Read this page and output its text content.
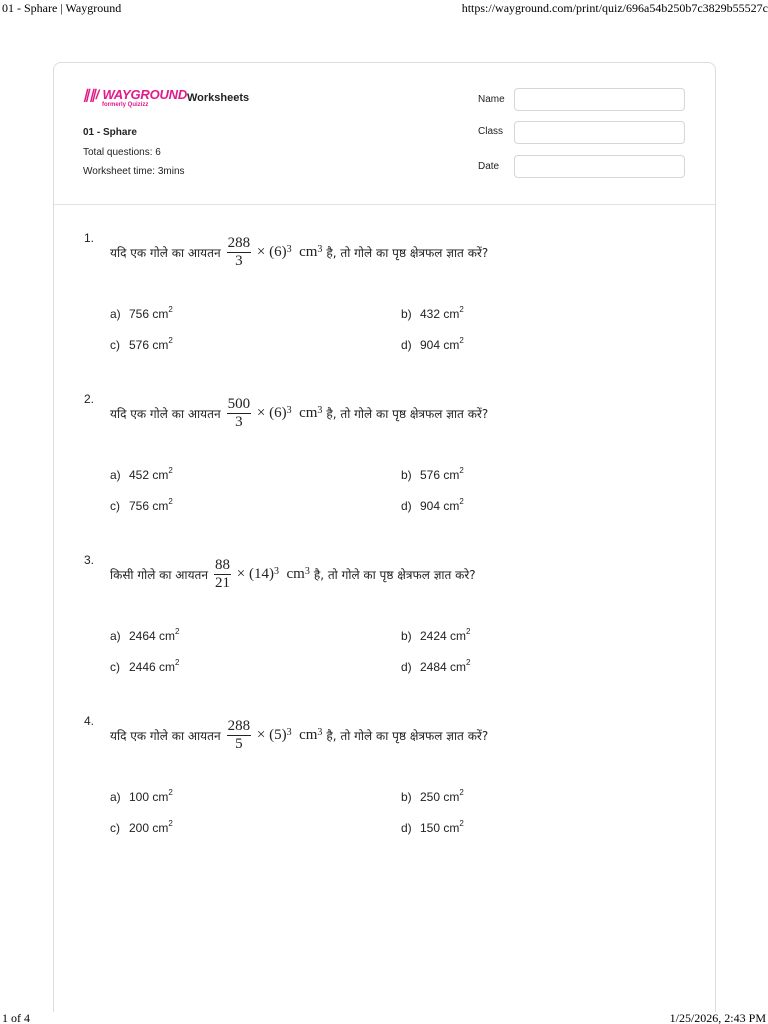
01 - Sphare | Wayground	https://wayground.com/print/quiz/696a54b250b7c3829b55527c
∥∥/ WAYGROUND
formerly Quizizz
Worksheets
01 - Sphare
Total questions: 6
Worksheet time: 3mins
Name
Class
Date
1.
यदि एक गोले का आयतन $\frac{288}{3}$
×
$(6)^3$
$cm^3$ है, तो गोले का पृष्ठ क्षेत्रफल ज्ञात करें?
a) 756 $cm^2$	b) 432 $cm^2$
c) 576 $cm^2$	d) 904 $cm^2$
2.
यदि एक गोले का आयतन $\frac{500}{3}$
×
$(6)^3$
$cm^3$ है, तो गोले का पृष्ठ क्षेत्रफल ज्ञात करें?
a) 452 $cm^2$	b) 576 $cm^2$
c) 756 $cm^2$	d) 904 $cm^2$
3.
किसी गोले का आयतन $\frac{88}{21}$
×
$(14)^3$
$cm^3$ है, तो गोले का पृष्ठ क्षेत्रफल ज्ञात करे?
a) 2464 $cm^2$	b) 2424 $cm^2$
c) 2446 $cm^2$	d) 2484 $cm^2$
4.
यदि एक गोले का आयतन $\frac{288}{5}$
×
$(5)^3$
$cm^3$ है, तो गोले का पृष्ठ क्षेत्रफल ज्ञात करें?
a) 100 $cm^2$	b) 250 $cm^2$
c) 200 $cm^2$	d) 150 $cm^2$
1 of 4	1/25/2026, 2:43 PM
